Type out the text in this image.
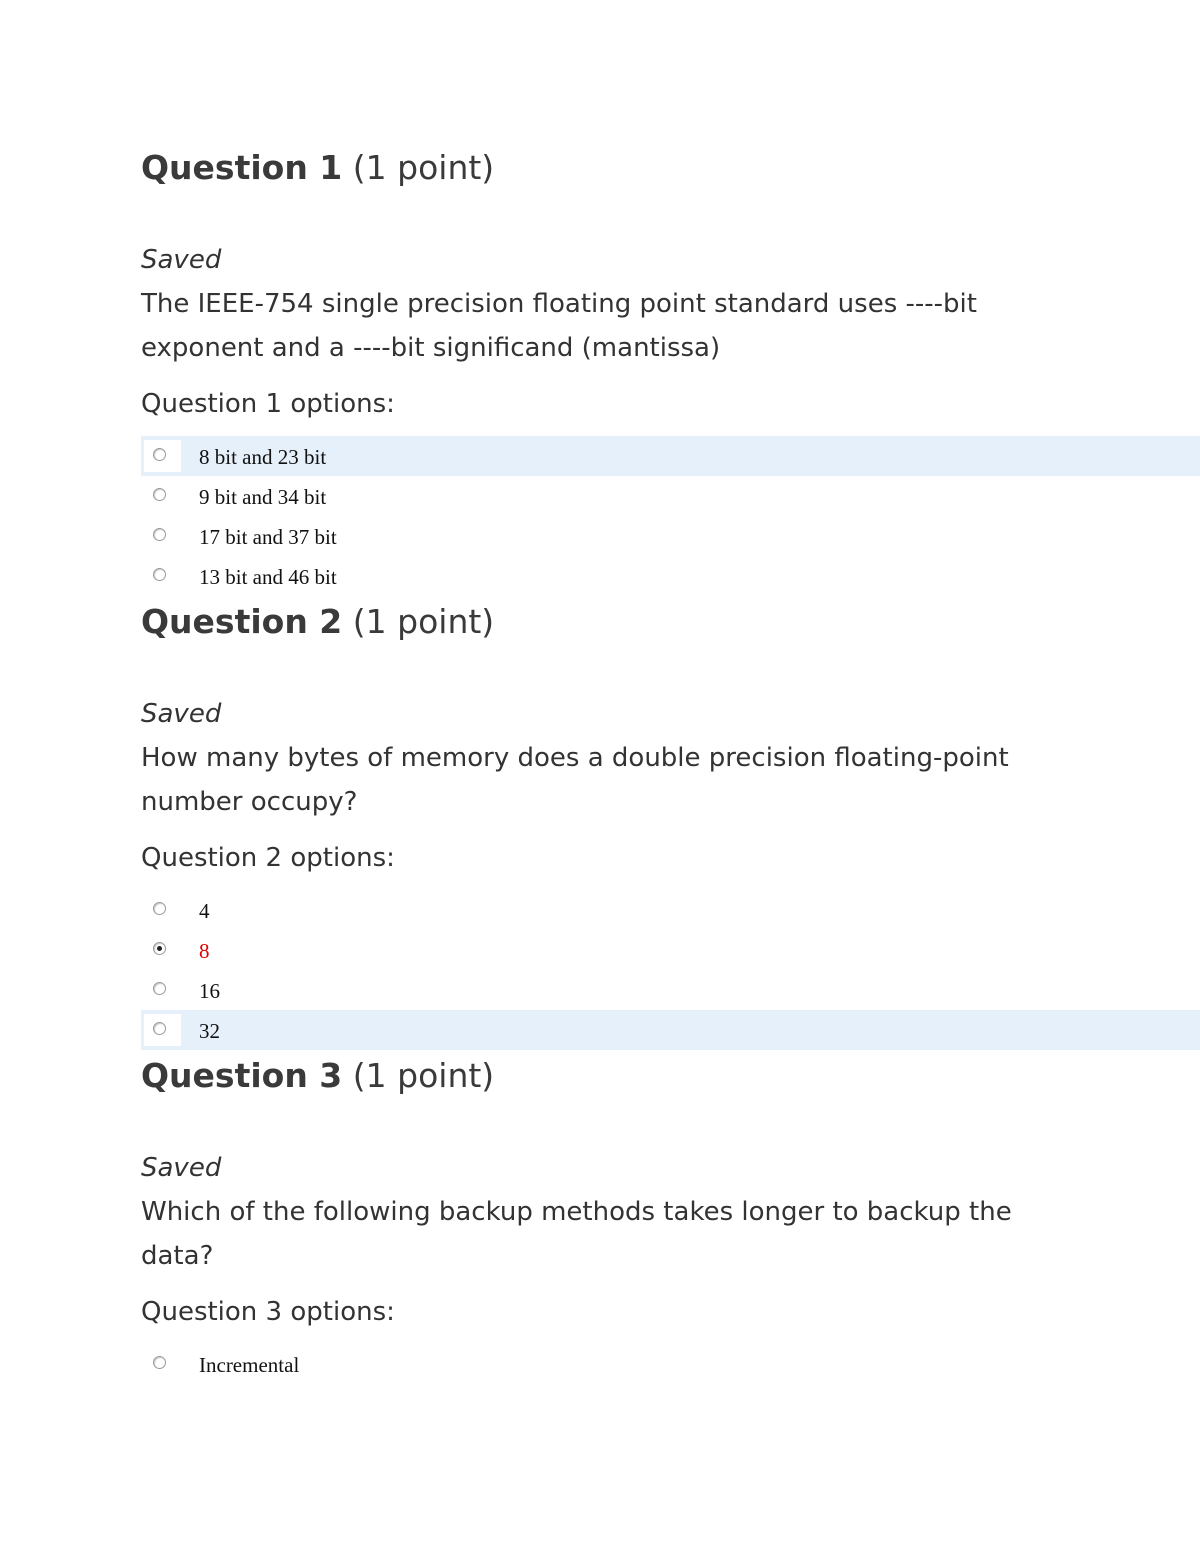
Question 1 (1 point)
Saved
The IEEE-754 single precision floating point standard uses ----bit exponent and a ----bit significand (mantissa)
Question 1 options:
8 bit and 23 bit
9 bit and 34 bit
17 bit and 37 bit
13 bit and 46 bit
Question 2 (1 point)
Saved
How many bytes of memory does a double precision floating-point number occupy?
Question 2 options:
4
8
16
32
Question 3 (1 point)
Saved
Which of the following backup methods takes longer to backup the data?
Question 3 options:
Incremental
